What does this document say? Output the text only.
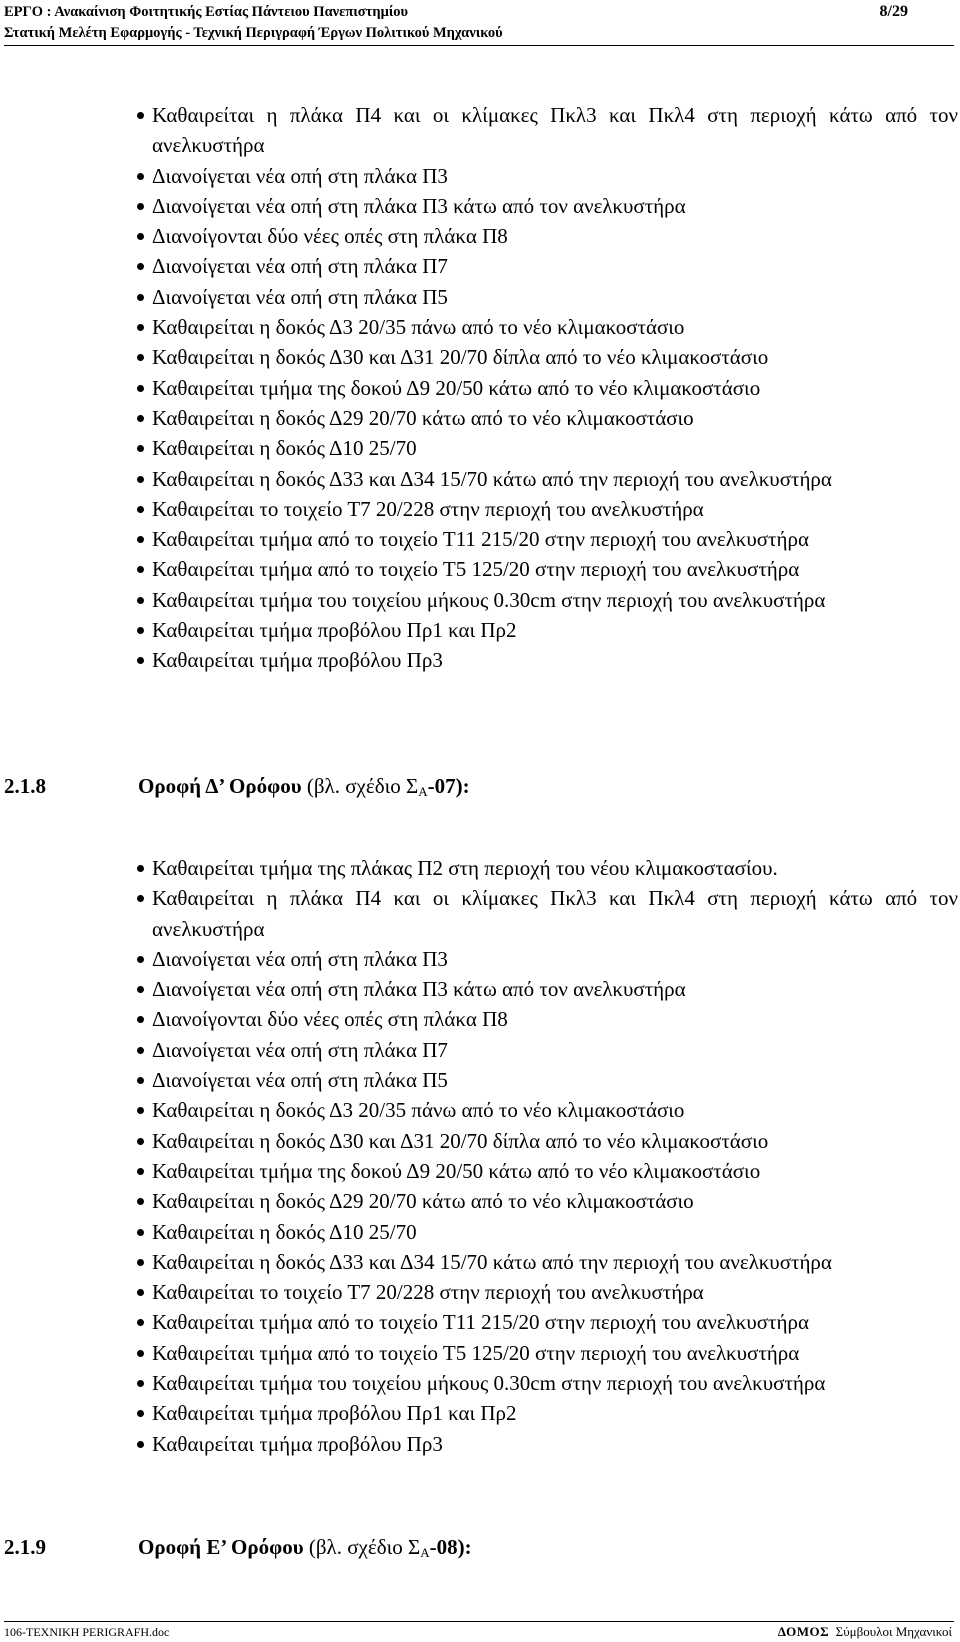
ΕΡΓΟ : Ανακαίνιση Φοιτητικής Εστίας Πάντειου Πανεπιστημίου	8/29
Στατική Μελέτη Εφαρμογής - Τεχνική Περιγραφή Έργων Πολιτικού Μηχανικού
Καθαιρείται η πλάκα Π4 και οι κλίμακες Πκλ3 και Πκλ4 στη περιοχή κάτω από τον ανελκυστήρα
Διανοίγεται νέα οπή στη πλάκα Π3
Διανοίγεται νέα οπή στη πλάκα Π3 κάτω από τον ανελκυστήρα
Διανοίγονται δύο νέες οπές στη πλάκα Π8
Διανοίγεται νέα οπή στη πλάκα Π7
Διανοίγεται νέα οπή στη πλάκα Π5
Καθαιρείται η δοκός Δ3 20/35 πάνω από το νέο κλιμακοστάσιο
Καθαιρείται η δοκός Δ30 και Δ31 20/70 δίπλα από το νέο κλιμακοστάσιο
Καθαιρείται τμήμα της δοκού Δ9 20/50 κάτω από το νέο κλιμακοστάσιο
Καθαιρείται η δοκός Δ29 20/70 κάτω από το νέο κλιμακοστάσιο
Καθαιρείται η δοκός Δ10 25/70
Καθαιρείται η δοκός Δ33 και Δ34 15/70 κάτω από την περιοχή του ανελκυστήρα
Καθαιρείται το τοιχείο Τ7 20/228 στην περιοχή του ανελκυστήρα
Καθαιρείται τμήμα από το τοιχείο Τ11 215/20 στην περιοχή του ανελκυστήρα
Καθαιρείται τμήμα από το τοιχείο Τ5 125/20 στην περιοχή του ανελκυστήρα
Καθαιρείται τμήμα του τοιχείου μήκους 0.30cm στην περιοχή του ανελκυστήρα
Καθαιρείται τμήμα προβόλου Πρ1 και Πρ2
Καθαιρείται τμήμα προβόλου Πρ3
2.1.8	Οροφή Δ’ Ορόφου (βλ. σχέδιο $\Sigma_A-07$):
Καθαιρείται τμήμα της πλάκας Π2 στη περιοχή του νέου κλιμακοστασίου.
Καθαιρείται η πλάκα Π4 και οι κλίμακες Πκλ3 και Πκλ4 στη περιοχή κάτω από τον ανελκυστήρα
Διανοίγεται νέα οπή στη πλάκα Π3
Διανοίγεται νέα οπή στη πλάκα Π3 κάτω από τον ανελκυστήρα
Διανοίγονται δύο νέες οπές στη πλάκα Π8
Διανοίγεται νέα οπή στη πλάκα Π7
Διανοίγεται νέα οπή στη πλάκα Π5
Καθαιρείται η δοκός Δ3 20/35 πάνω από το νέο κλιμακοστάσιο
Καθαιρείται η δοκός Δ30 και Δ31 20/70 δίπλα από το νέο κλιμακοστάσιο
Καθαιρείται τμήμα της δοκού Δ9 20/50 κάτω από το νέο κλιμακοστάσιο
Καθαιρείται η δοκός Δ29 20/70 κάτω από το νέο κλιμακοστάσιο
Καθαιρείται η δοκός Δ10 25/70
Καθαιρείται η δοκός Δ33 και Δ34 15/70 κάτω από την περιοχή του ανελκυστήρα
Καθαιρείται το τοιχείο Τ7 20/228 στην περιοχή του ανελκυστήρα
Καθαιρείται τμήμα από το τοιχείο Τ11 215/20 στην περιοχή του ανελκυστήρα
Καθαιρείται τμήμα από το τοιχείο Τ5 125/20 στην περιοχή του ανελκυστήρα
Καθαιρείται τμήμα του τοιχείου μήκους 0.30cm στην περιοχή του ανελκυστήρα
Καθαιρείται τμήμα προβόλου Πρ1 και Πρ2
Καθαιρείται τμήμα προβόλου Πρ3
2.1.9	Οροφή Ε’ Ορόφου (βλ. σχέδιο $\Sigma_A-08$):
106-TEXNIKH PERIGRAFH.doc	ΔΟΜΟΣ Σύμβουλοι Μηχανικοί
